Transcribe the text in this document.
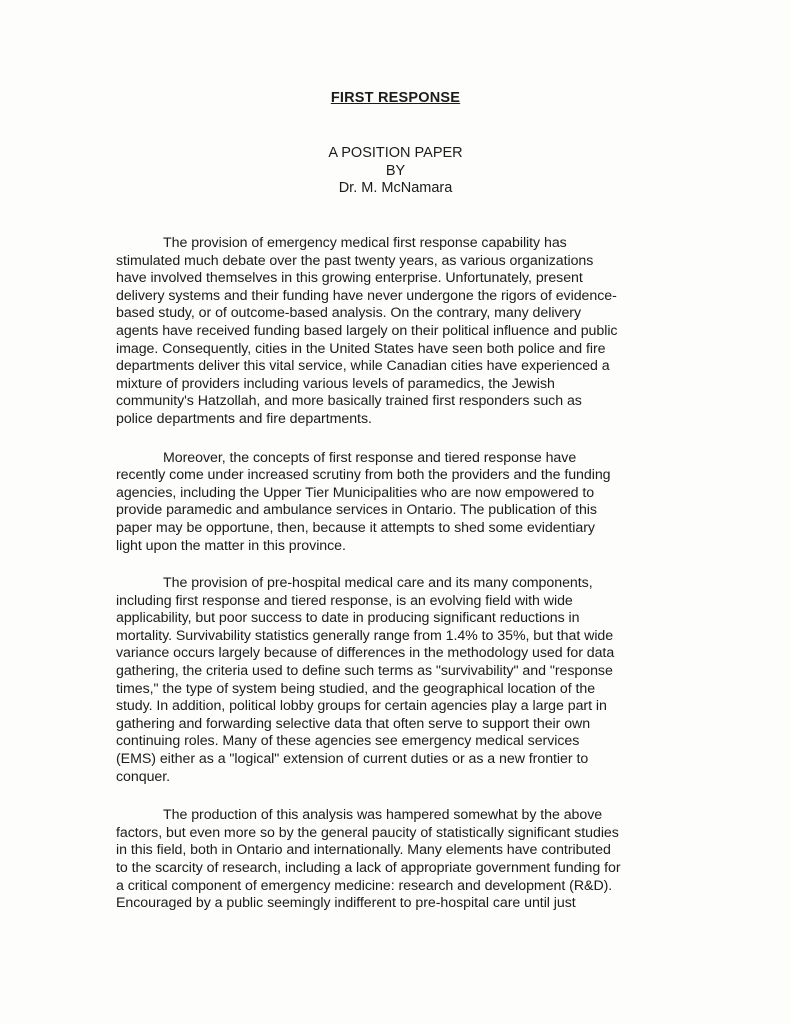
FIRST RESPONSE
A POSITION PAPER
BY
Dr. M. McNamara

The provision of emergency medical first response capability has
stimulated much debate over the past twenty years, as various organizations
have involved themselves in this growing enterprise. Unfortunately, present
delivery systems and their funding have never undergone the rigors of evidence-
based study, or of outcome-based analysis. On the contrary, many delivery
agents have received funding based largely on their political influence and public
image. Consequently, cities in the United States have seen both police and fire
departments deliver this vital service, while Canadian cities have experienced a
mixture of providers including various levels of paramedics, the Jewish
community's Hatzollah, and more basically trained first responders such as
police departments and fire departments.

Moreover, the concepts of first response and tiered response have
recently come under increased scrutiny from both the providers and the funding
agencies, including the Upper Tier Municipalities who are now empowered to
provide paramedic and ambulance services in Ontario. The publication of this
paper may be opportune, then, because it attempts to shed some evidentiary
light upon the matter in this province.

The provision of pre-hospital medical care and its many components,
including first response and tiered response, is an evolving field with wide
applicability, but poor success to date in producing significant reductions in
mortality. Survivability statistics generally range from 1.4% to 35%, but that wide
variance occurs largely because of differences in the methodology used for data
gathering, the criteria used to define such terms as "survivability" and "response
times," the type of system being studied, and the geographical location of the
study. In addition, political lobby groups for certain agencies play a large part in
gathering and forwarding selective data that often serve to support their own
continuing roles. Many of these agencies see emergency medical services
(EMS) either as a "logical" extension of current duties or as a new frontier to
conquer.

The production of this analysis was hampered somewhat by the above
factors, but even more so by the general paucity of statistically significant studies
in this field, both in Ontario and internationally. Many elements have contributed
to the scarcity of research, including a lack of appropriate government funding for
a critical component of emergency medicine: research and development (R&D).
Encouraged by a public seemingly indifferent to pre-hospital care until just
